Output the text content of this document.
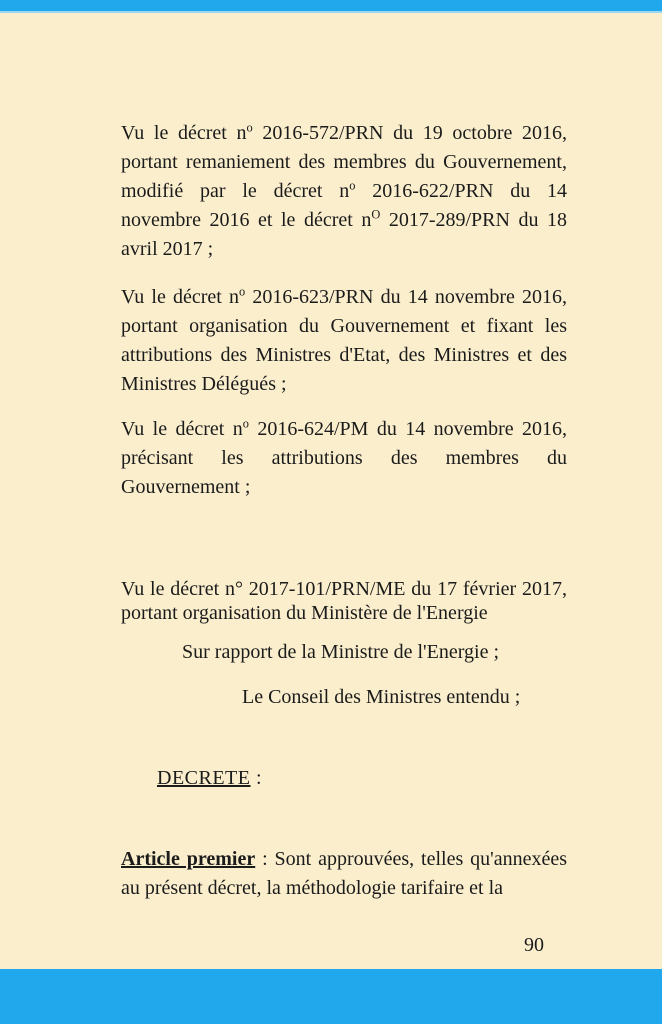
Vu le décret $n^o$ 2016-572/PRN du 19 octobre 2016, portant remaniement des membres du Gouvernement, modifié par le décret $n^o$ 2016-622/PRN du 14 novembre 2016 et le décret $n^O$ 2017-289/PRN du 18 avril 2017 ;

Vu le décret $n^o$ 2016-623/PRN du 14 novembre 2016, portant organisation du Gouvernement et fixant les attributions des Ministres d'Etat, des Ministres et des Ministres Délégués ;

Vu le décret $n^o$ 2016-624/PM du 14 novembre 2016, précisant les attributions des membres du Gouvernement ;

Vu le décret n° 2017-101/PRN/ME du 17 février 2017, portant organisation du Ministère de l'Energie

Sur rapport de la Ministre de l'Energie ;

Le Conseil des Ministres entendu ;

DECRETE :

Article premier : Sont approuvées, telles qu'annexées au présent décret, la méthodologie tarifaire et la

90
